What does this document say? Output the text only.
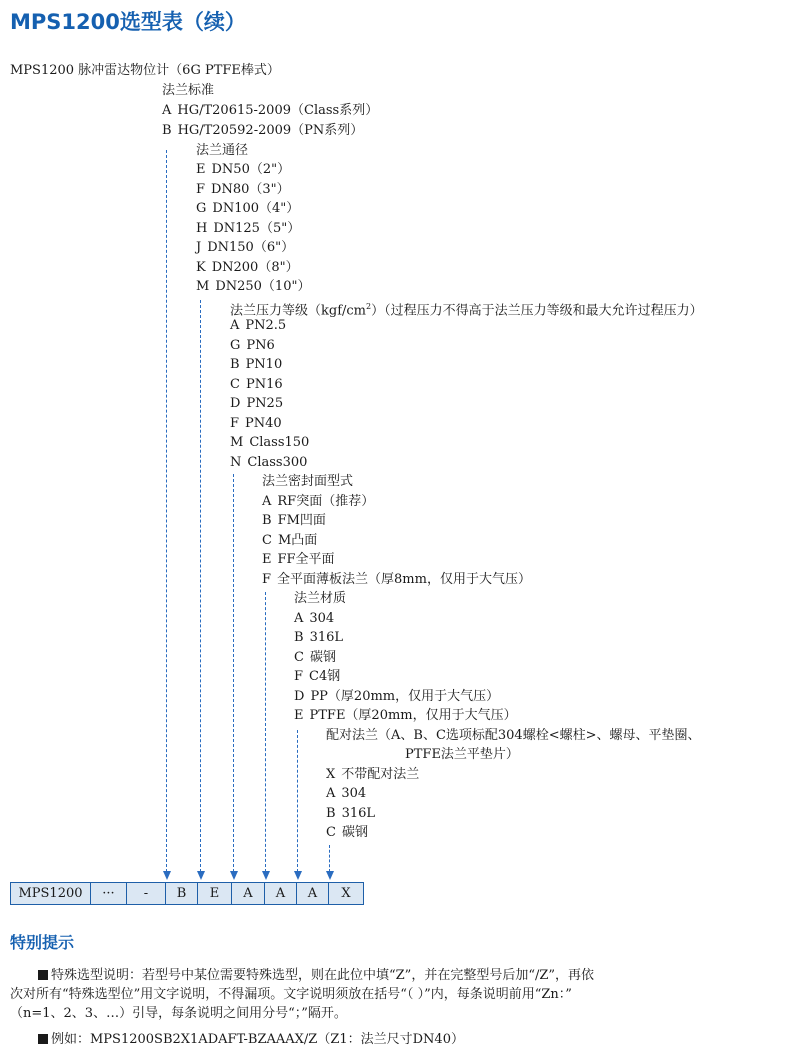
MPS1200选型表（续）
MPS1200 脉冲雷达物位计（6G PTFE棒式）
法兰标准
A HG/T20615-2009（Class系列）
B HG/T20592-2009（PN系列）
法兰通径
E DN50（2"）
F DN80（3"）
G DN100（4"）
H DN125（5"）
J DN150（6"）
K DN200（8"）
M DN250（10"）
法兰压力等级$(kgf/cm^2)$（过程压力不得高于法兰压力等级和最大允许过程压力）
A PN2.5
G PN6
B PN10
C PN16
D PN25
F PN40
M Class150
N Class300
法兰密封面型式
A RF突面（推荐）
B FM凹面
C M凸面
E FF全平面
F 全平面薄板法兰（厚8mm，仅用于大气压）
法兰材质
A 304
B 316L
C 碳钢
F C4钢
D PP（厚20mm，仅用于大气压）
E PTFE（厚20mm，仅用于大气压）
配对法兰（A、B、C选项标配304螺栓<螺柱>、螺母、平垫圈、
PTFE法兰平垫片）
X 不带配对法兰
A 304
B 316L
C 碳钢
MPS1200	···	-	B	E	A	A	A	X
特别提示

特殊选型说明：若型号中某位需要特殊选型，则在此位中填“Z”，并在完整型号后加“/Z”，再依

次对所有“特殊选型位”用文字说明，不得漏项。文字说明须放在括号“（ ）”内，每条说明前用“Zn：”

（n=1、2、3、…）引导，每条说明之间用分号“；”隔开。

例如：MPS1200SB2X1ADAFT-BZAAAX/Z（Z1：法兰尺寸DN40）
